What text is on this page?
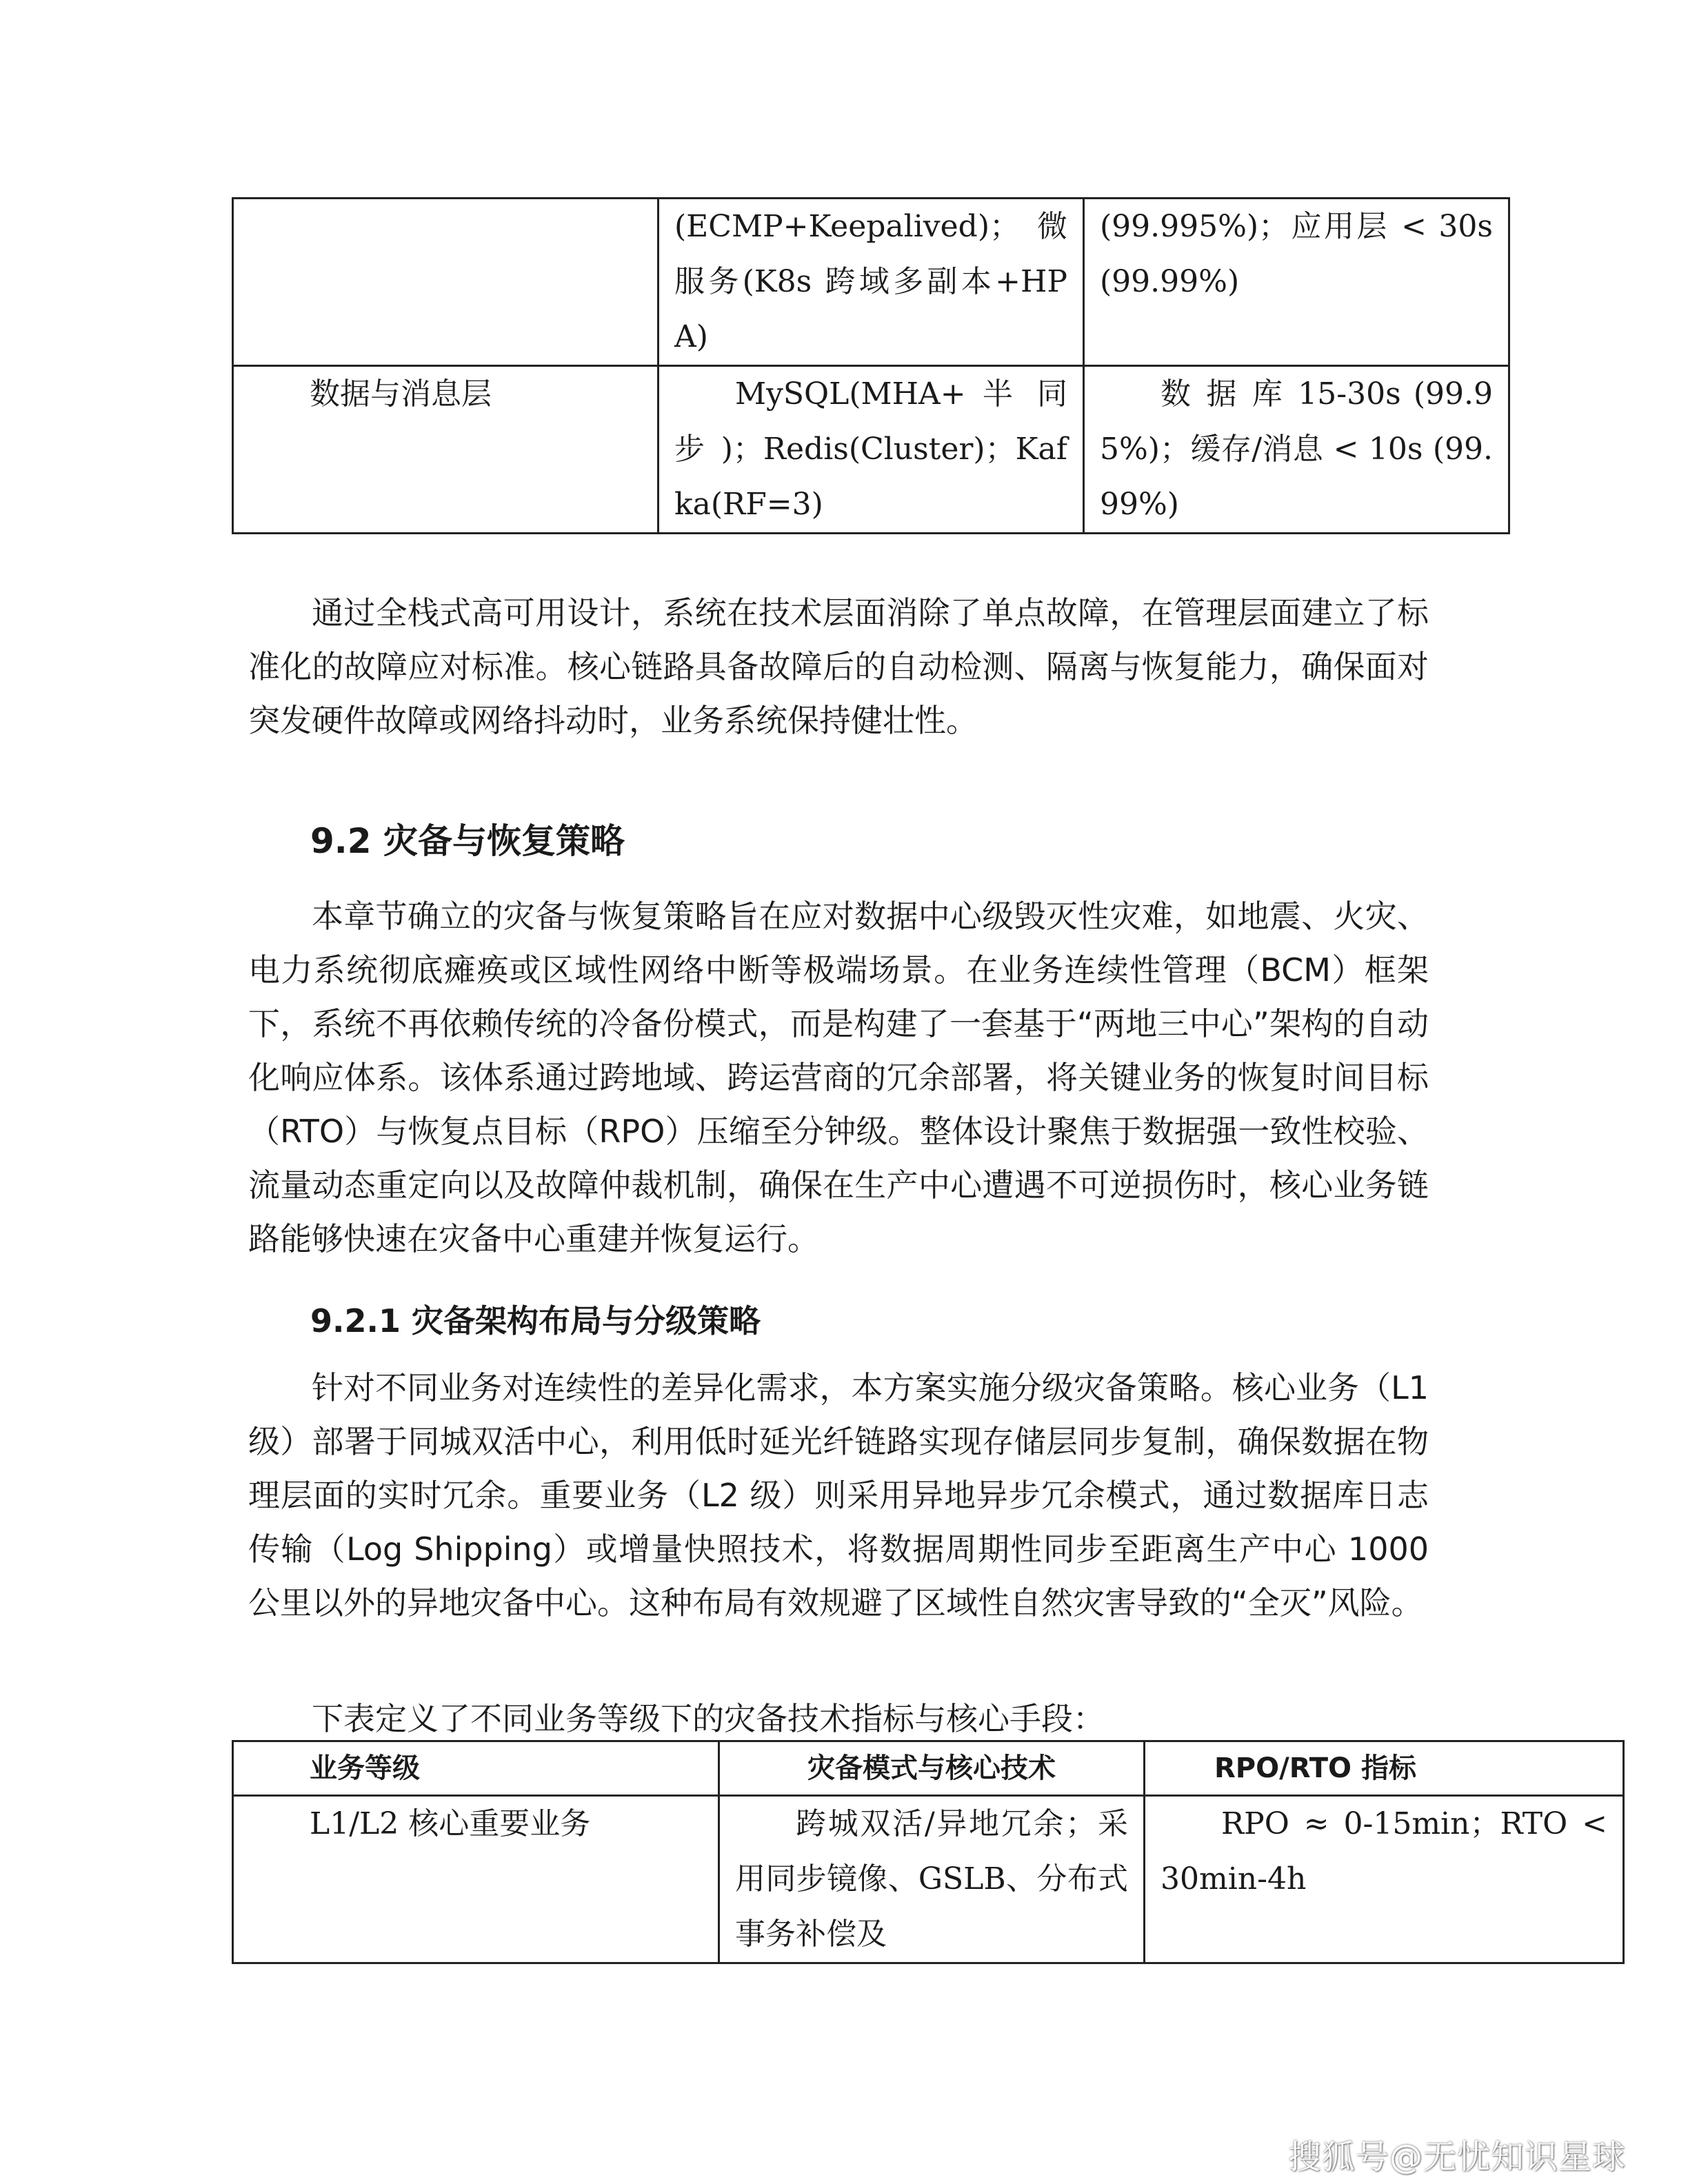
	(ECMP+Keepalived)；微服务(K8s 跨域多副本+HPA)	(99.995%)；应用层 < 30s (99.99%)
数据与消息层	MySQL(MHA+ 半 同 步)；Redis(Cluster)；Kafka(RF=3)	数 据 库 15-30s (99.95%)；缓存/消息 < 10s (99.99%)

通过全栈式高可用设计，系统在技术层面消除了单点故障，在管理层面建立了标准化的故障应对标准。核心链路具备故障后的自动检测、隔离与恢复能力，确保面对突发硬件故障或网络抖动时，业务系统保持健壮性。

9.2 灾备与恢复策略

本章节确立的灾备与恢复策略旨在应对数据中心级毁灭性灾难，如地震、火灾、电力系统彻底瘫痪或区域性网络中断等极端场景。在业务连续性管理（BCM）框架下，系统不再依赖传统的冷备份模式，而是构建了一套基于“两地三中心”架构的自动化响应体系。该体系通过跨地域、跨运营商的冗余部署，将关键业务的恢复时间目标（RTO）与恢复点目标（RPO）压缩至分钟级。整体设计聚焦于数据强一致性校验、流量动态重定向以及故障仲裁机制，确保在生产中心遭遇不可逆损伤时，核心业务链路能够快速在灾备中心重建并恢复运行。

9.2.1 灾备架构布局与分级策略

针对不同业务对连续性的差异化需求，本方案实施分级灾备策略。核心业务（L1 级）部署于同城双活中心，利用低时延光纤链路实现存储层同步复制，确保数据在物理层面的实时冗余。重要业务（L2 级）则采用异地异步冗余模式，通过数据库日志传输（Log Shipping）或增量快照技术，将数据周期性同步至距离生产中心 1000 公里以外的异地灾备中心。这种布局有效规避了区域性自然灾害导致的“全灭”风险。

下表定义了不同业务等级下的灾备技术指标与核心手段：

业务等级	灾备模式与核心技术	RPO/RTO 指标
L1/L2 核心重要业务	跨城双活/异地冗余；采用同步镜像、GSLB、分布式事务补偿及	RPO ≈ 0-15min；RTO < 30min-4h
搜狐号@无忧知识星球
